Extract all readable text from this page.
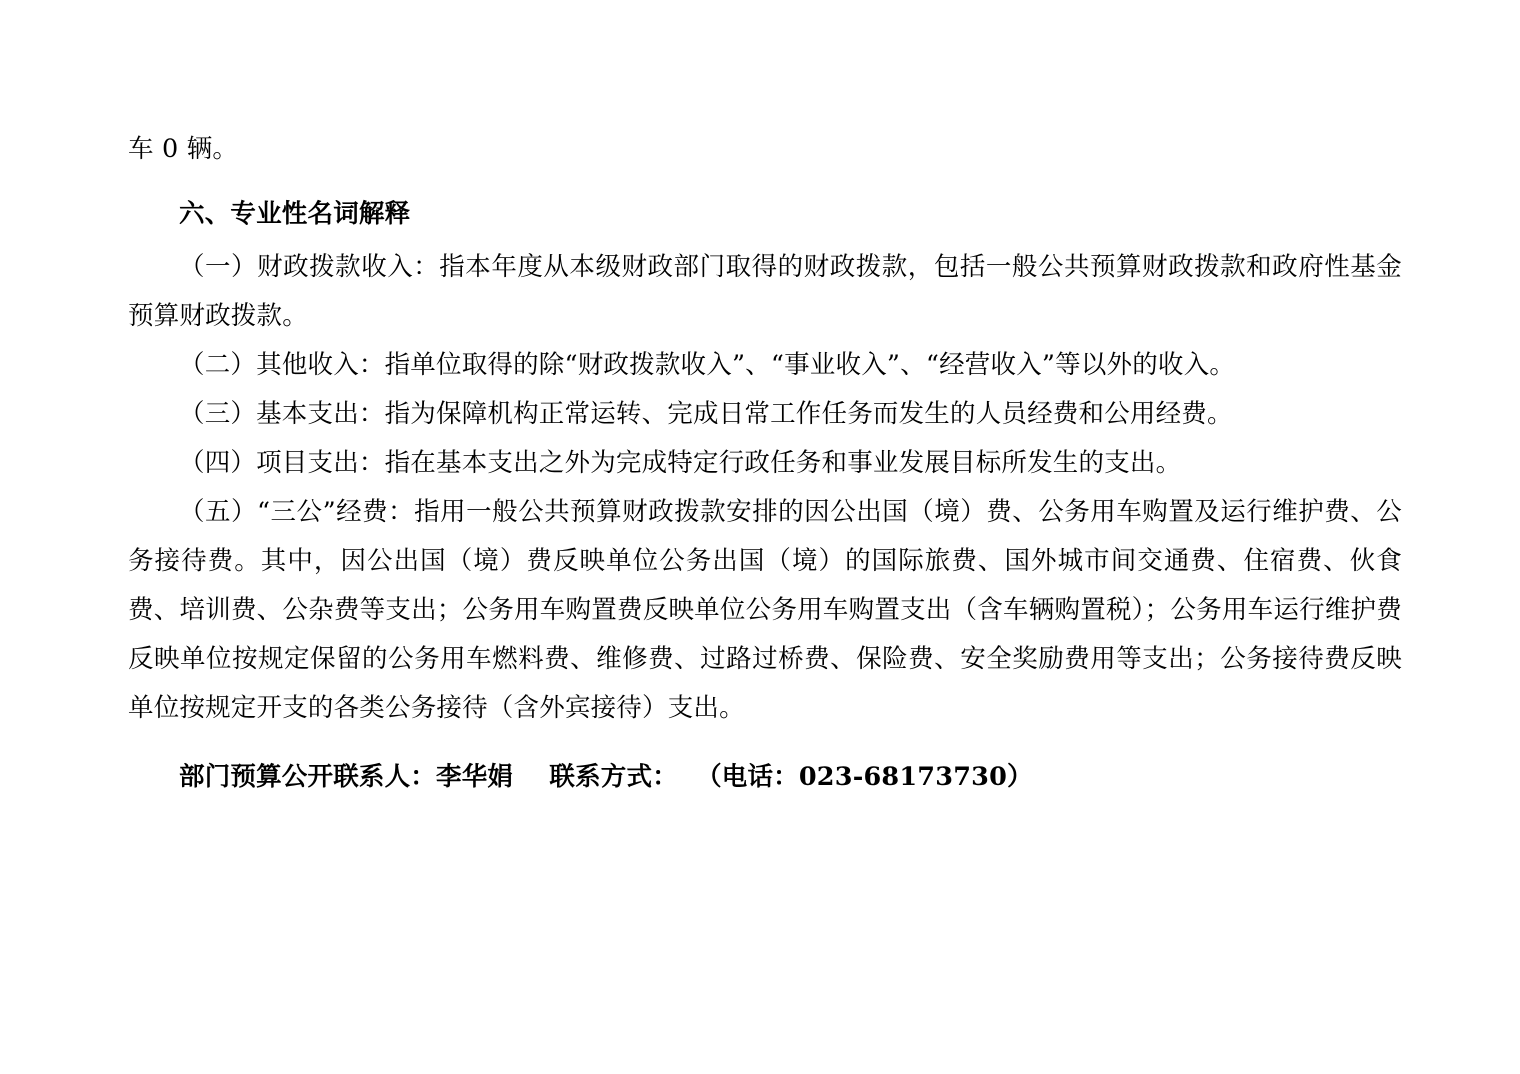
车 0 辆。

六、专业性名词解释

（一）财政拨款收入：指本年度从本级财政部门取得的财政拨款，包括一般公共预算财政拨款和政府性基金预算财政拨款。

（二）其他收入：指单位取得的除“财政拨款收入”、“事业收入”、“经营收入”等以外的收入。

（三）基本支出：指为保障机构正常运转、完成日常工作任务而发生的人员经费和公用经费。

（四）项目支出：指在基本支出之外为完成特定行政任务和事业发展目标所发生的支出。

（五）“三公”经费：指用一般公共预算财政拨款安排的因公出国（境）费、公务用车购置及运行维护费、公务接待费。其中，因公出国（境）费反映单位公务出国（境）的国际旅费、国外城市间交通费、住宿费、伙食费、培训费、公杂费等支出；公务用车购置费反映单位公务用车购置支出（含车辆购置税）；公务用车运行维护费反映单位按规定保留的公务用车燃料费、维修费、过路过桥费、保险费、安全奖励费用等支出；公务接待费反映单位按规定开支的各类公务接待（含外宾接待）支出。

部门预算公开联系人：李华娟    联系方式：  （电话：023-68173730）
